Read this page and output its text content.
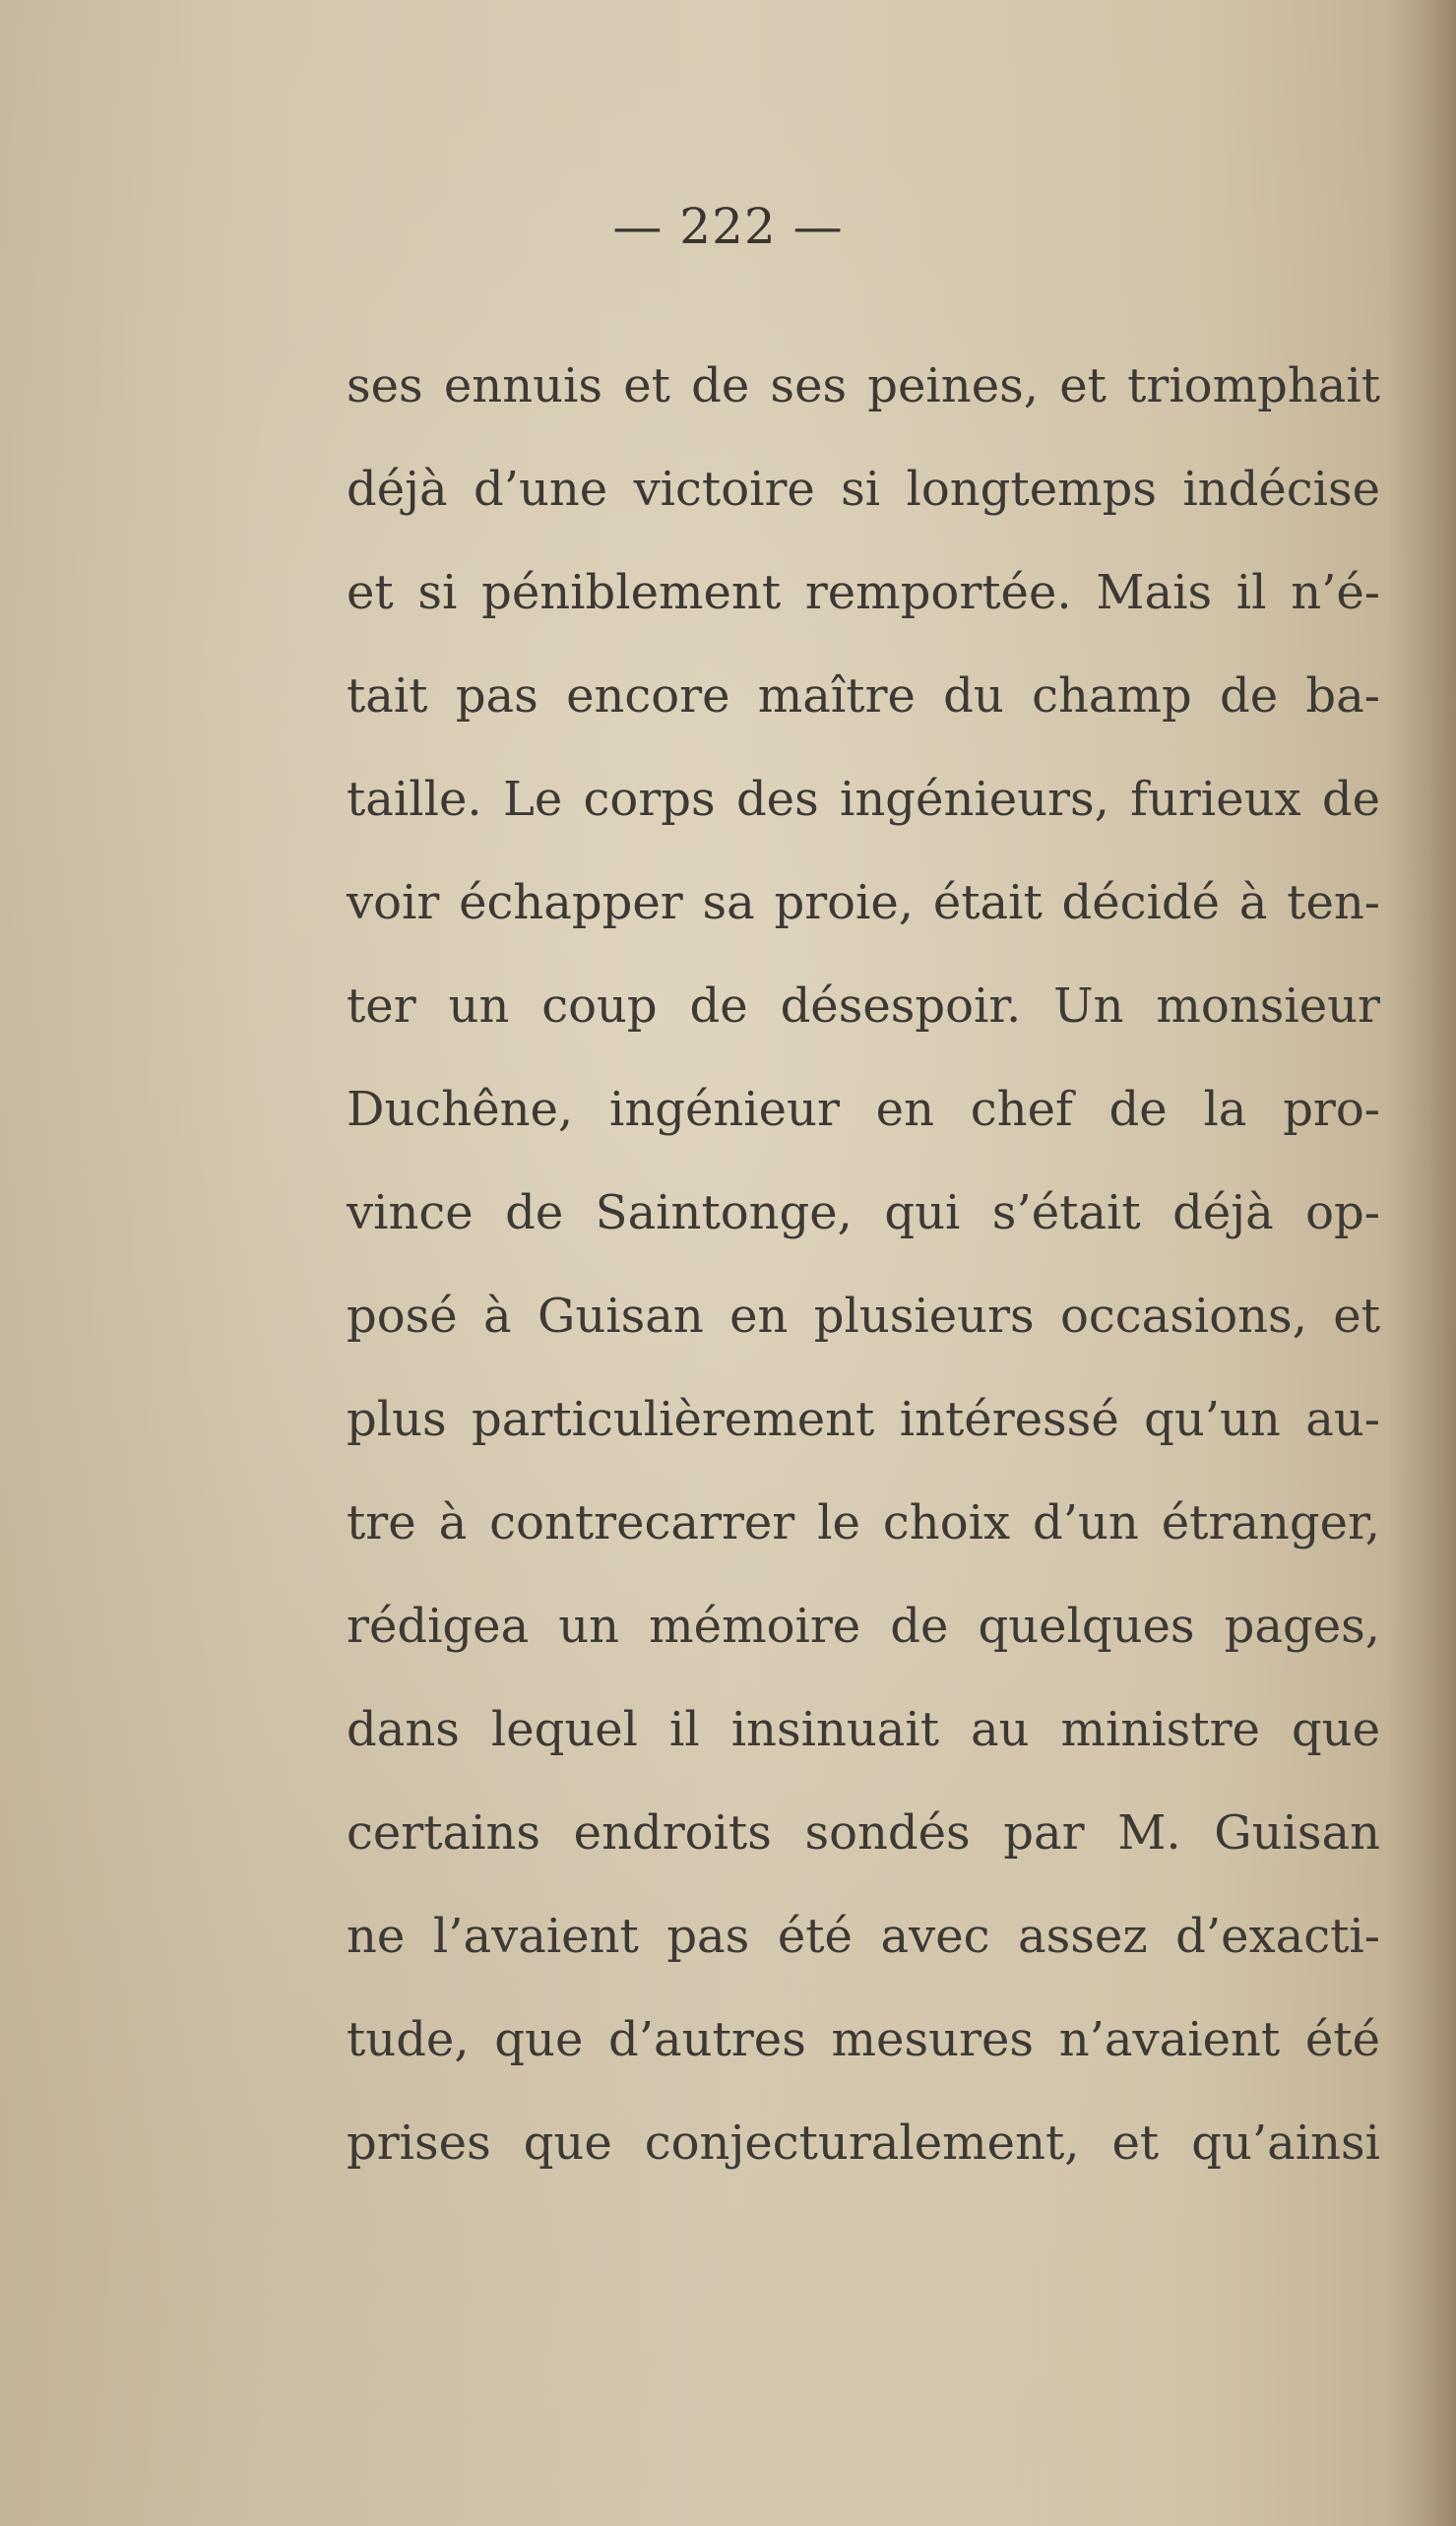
— 222 —

ses ennuis et de ses peines, et triomphait
déjà d’une victoire si longtemps indécise
et si péniblement remportée. Mais il n’é-
tait pas encore maître du champ de ba-
taille. Le corps des ingénieurs, furieux de
voir échapper sa proie, était décidé à ten-
ter un coup de désespoir. Un monsieur
Duchêne, ingénieur en chef de la pro-
vince de Saintonge, qui s’était déjà op-
posé à Guisan en plusieurs occasions, et
plus particulièrement intéressé qu’un au-
tre à contrecarrer le choix d’un étranger,
rédigea un mémoire de quelques pages,
dans lequel il insinuait au ministre que
certains endroits sondés par M. Guisan
ne l’avaient pas été avec assez d’exacti-
tude, que d’autres mesures n’avaient été
prises que conjecturalement, et qu’ainsi
